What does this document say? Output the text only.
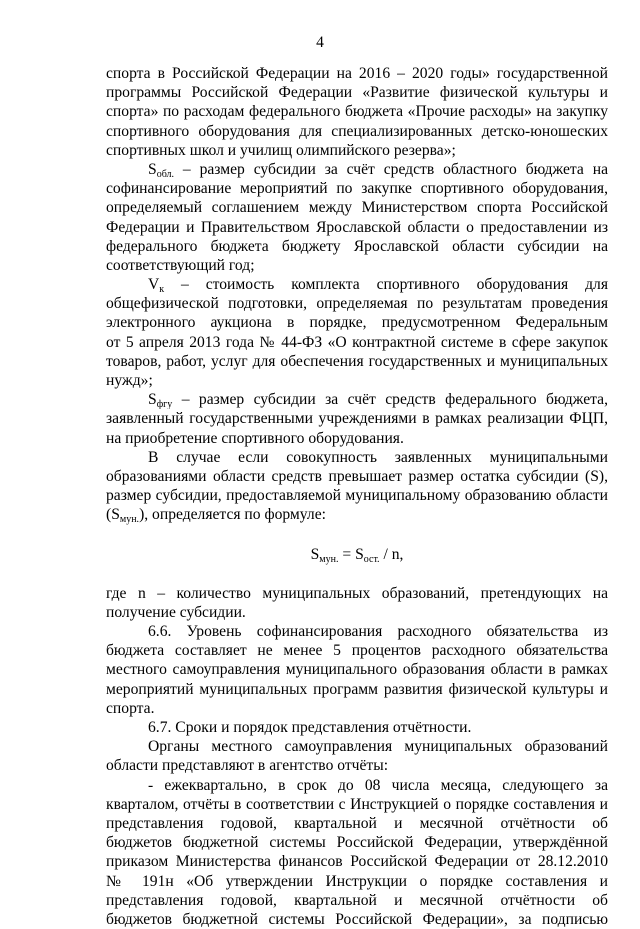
4
спорта в Российской Федерации на 2016 – 2020 годы» государственной
программы Российской Федерации «Развитие физической культуры и
спорта» по расходам федерального бюджета «Прочие расходы» на закупку
спортивного оборудования для специализированных детско-юношеских
спортивных школ и училищ олимпийского резерва»;
$S_{обл.}$ – размер субсидии за счёт средств областного бюджета на
софинансирование мероприятий по закупке спортивного оборудования,
определяемый соглашением между Министерством спорта Российской
Федерации и Правительством Ярославской области о предоставлении из
федерального бюджета бюджету Ярославской области субсидии на
соответствующий год;
$V_к$ – стоимость комплекта спортивного оборудования для
общефизической подготовки, определяемая по результатам проведения
электронного аукциона в порядке, предусмотренном Федеральным
от 5 апреля 2013 года № 44-ФЗ «О контрактной системе в сфере закупок
товаров, работ, услуг для обеспечения государственных и муниципальных
нужд»;
$S_{фгу}$ – размер субсидии за счёт средств федерального бюджета,
заявленный государственными учреждениями в рамках реализации ФЦП,
на приобретение спортивного оборудования.
В случае если совокупность заявленных муниципальными
образованиями области средств превышает размер остатка субсидии (S),
размер субсидии, предоставляемой муниципальному образованию области
$(S_{мун.})$, определяется по формуле:
$S_{мун.} = S_{ост.} / n$,
где n – количество муниципальных образований, претендующих на
получение субсидии.
6.6. Уровень софинансирования расходного обязательства из
бюджета составляет не менее 5 процентов расходного обязательства
местного самоуправления муниципального образования области в рамках
мероприятий муниципальных программ развития физической культуры и
спорта.
6.7. Сроки и порядок представления отчётности.
Органы местного самоуправления муниципальных образований
области представляют в агентство отчёты:
- ежеквартально, в срок до 08 числа месяца, следующего за
кварталом, отчёты в соответствии с Инструкцией о порядке составления и
представления годовой, квартальной и месячной отчётности об
бюджетов бюджетной системы Российской Федерации, утверждённой
приказом Министерства финансов Российской Федерации от 28.12.2010
№ 191н «Об утверждении Инструкции о порядке составления и
представления годовой, квартальной и месячной отчётности об
бюджетов бюджетной системы Российской Федерации», за подписью
